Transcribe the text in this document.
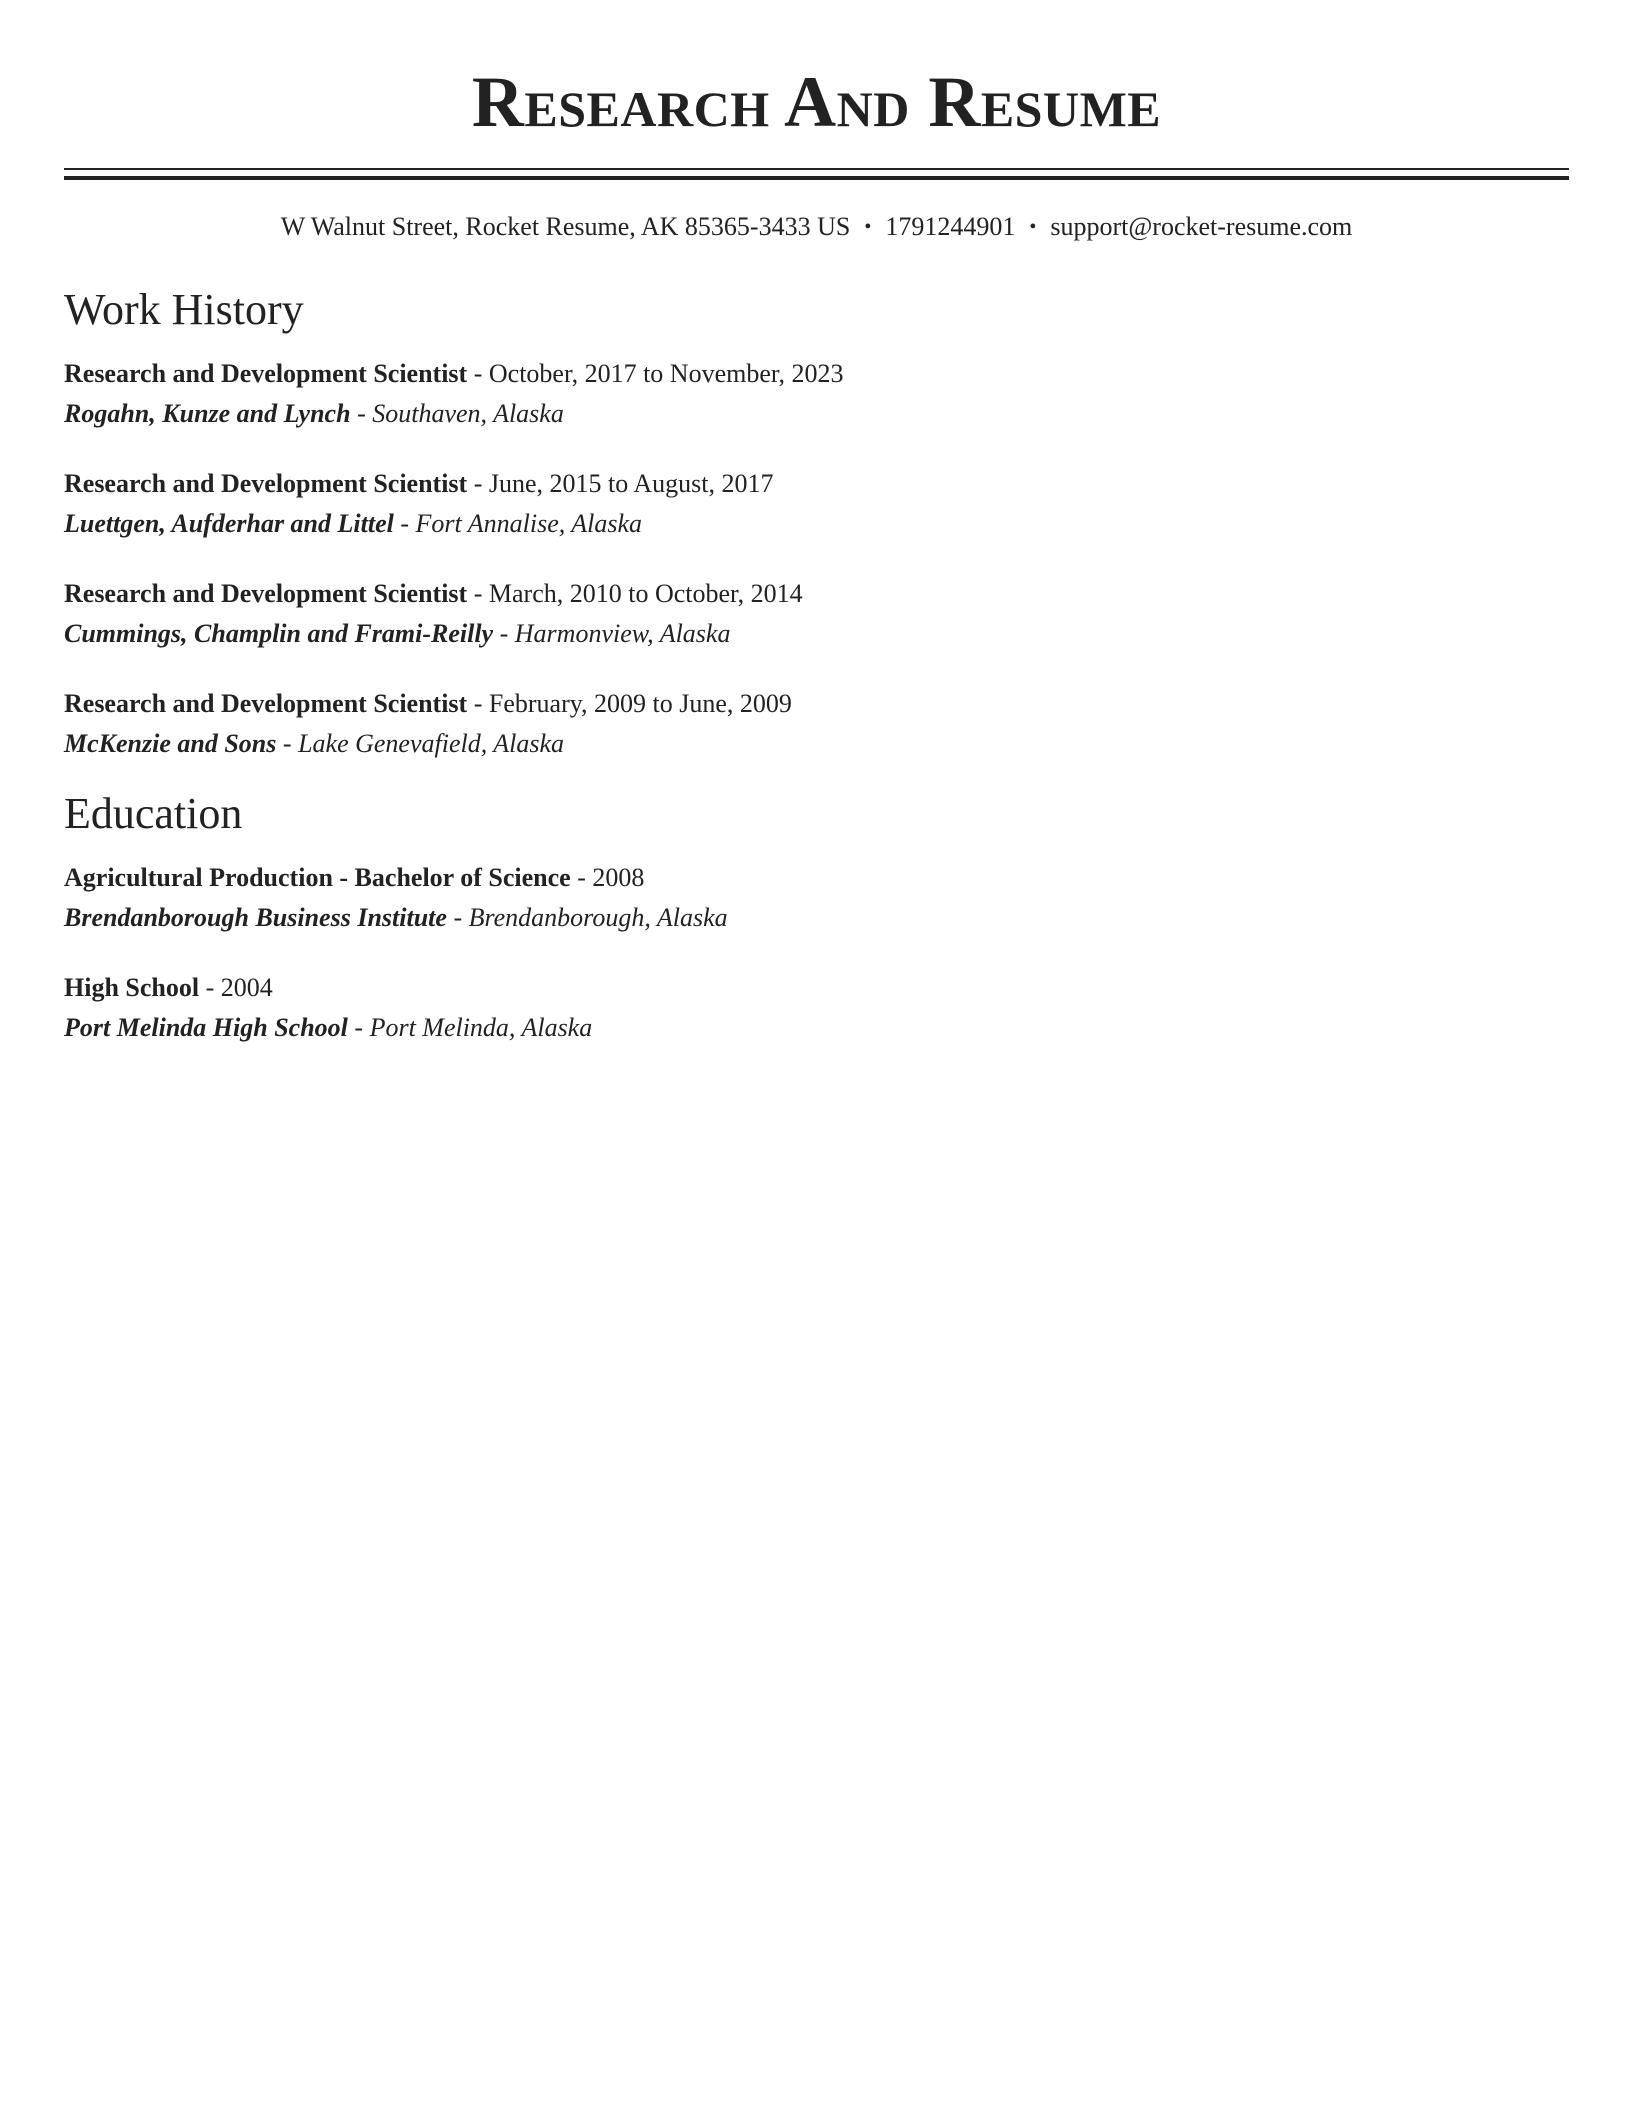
Research And Resume
W Walnut Street, Rocket Resume, AK 85365-3433 US • 1791244901 • support@rocket-resume.com
Work History
Research and Development Scientist - October, 2017 to November, 2023
Rogahn, Kunze and Lynch - Southaven, Alaska
Research and Development Scientist - June, 2015 to August, 2017
Luettgen, Aufderhar and Littel - Fort Annalise, Alaska
Research and Development Scientist - March, 2010 to October, 2014
Cummings, Champlin and Frami-Reilly - Harmonview, Alaska
Research and Development Scientist - February, 2009 to June, 2009
McKenzie and Sons - Lake Genevafield, Alaska
Education
Agricultural Production - Bachelor of Science - 2008
Brendanborough Business Institute - Brendanborough, Alaska
High School - 2004
Port Melinda High School - Port Melinda, Alaska
